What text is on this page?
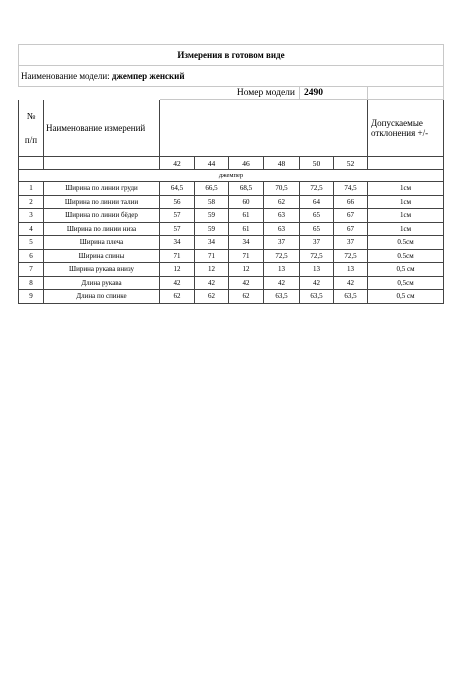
Измерения в готовом виде								
Наименование модели: джемпер женский								
		Номер модели				2490		

№
п/п	Наименование измерений							Допускаемые отклонения +/-
		42	44	46	48	50	52	
джемпер								
1	Ширина по линии груди	64,5	66,5	68,5	70,5	72,5	74,5	1см
2	Ширина по линии талии	56	58	60	62	64	66	1см
3	Ширина по линии бёдер	57	59	61	63	65	67	1см
4	Ширина по линии низа	57	59	61	63	65	67	1см
5	Ширина плеча	34	34	34	37	37	37	0.5см
6	Ширина спины	71	71	71	72,5	72,5	72,5	0.5см
7	Ширина рукава внизу	12	12	12	13	13	13	0,5 см
8	Длина рукава	42	42	42	42	42	42	0,5см
9	Длина по спинке	62	62	62	63,5	63,5	63,5	0,5 см
